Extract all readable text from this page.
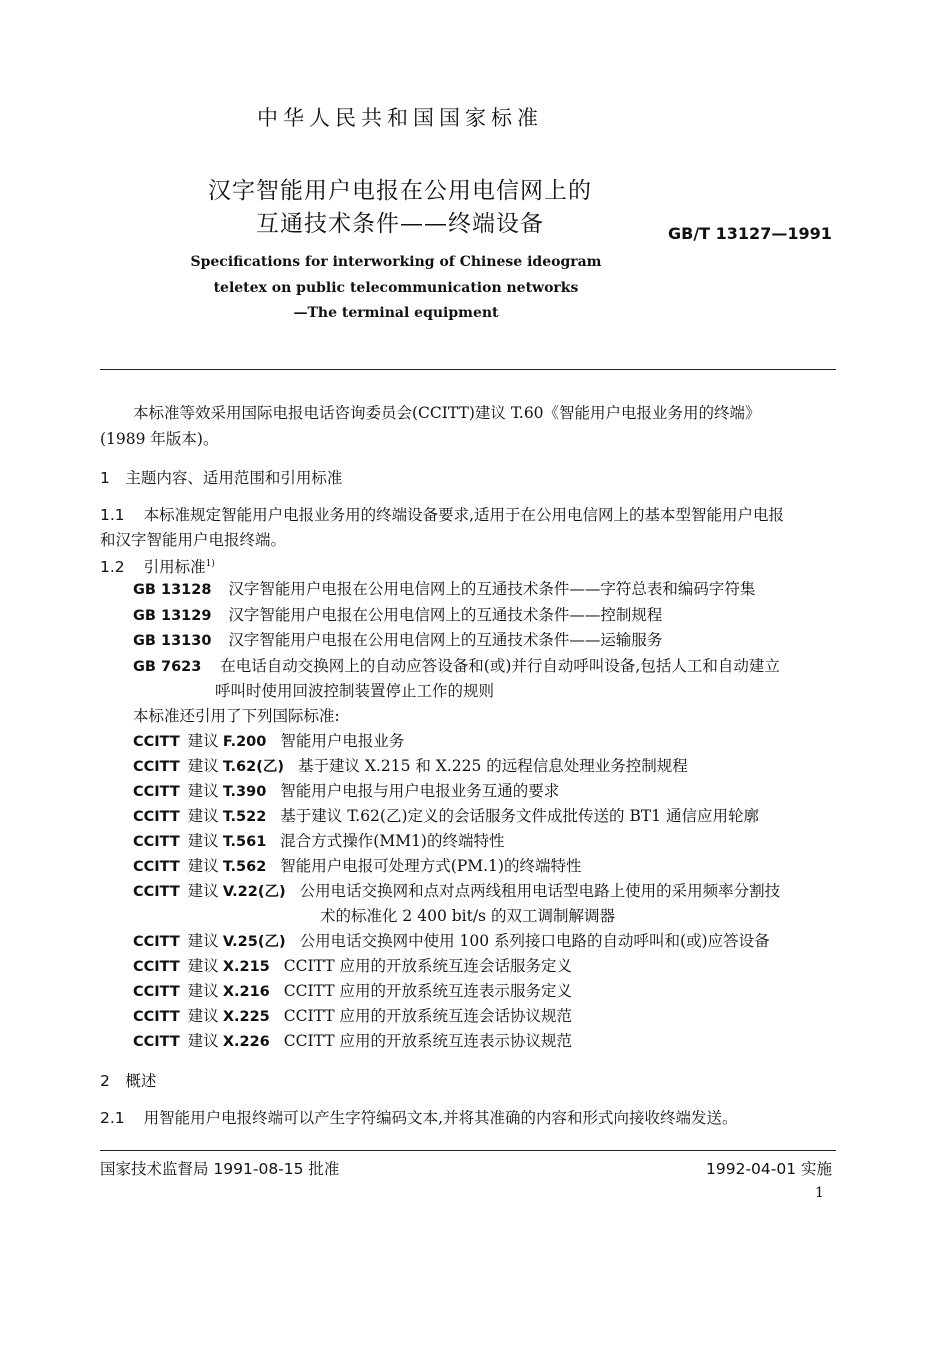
中华人民共和国国家标准
汉字智能用户电报在公用电信网上的
互通技术条件——终端设备	GB/T 13127—1991
Specifications for interworking of Chinese ideogram
teletex on public telecommunication networks
—The terminal equipment
本标准等效采用国际电报电话咨询委员会(CCITT)建议 T.60《智能用户电报业务用的终端》
(1989 年版本)。
1　主题内容、适用范围和引用标准
1.1 本标准规定智能用户电报业务用的终端设备要求,适用于在公用电信网上的基本型智能用户电报
和汉字智能用户电报终端。
1.2 引用标准$^{1)}$
GB 13128 汉字智能用户电报在公用电信网上的互通技术条件——字符总表和编码字符集
GB 13129 汉字智能用户电报在公用电信网上的互通技术条件——控制规程
GB 13130 汉字智能用户电报在公用电信网上的互通技术条件——运输服务
GB 7623 在电话自动交换网上的自动应答设备和(或)并行自动呼叫设备,包括人工和自动建立
呼叫时使用回波控制装置停止工作的规则
本标准还引用了下列国际标准:
CCITT 建议 F.200 智能用户电报业务
CCITT 建议 T.62(乙) 基于建议 X.215 和 X.225 的远程信息处理业务控制规程
CCITT 建议 T.390 智能用户电报与用户电报业务互通的要求
CCITT 建议 T.522 基于建议 T.62(乙)定义的会话服务文件成批传送的 BT1 通信应用轮廓
CCITT 建议 T.561 混合方式操作(MM1)的终端特性
CCITT 建议 T.562 智能用户电报可处理方式(PM.1)的终端特性
CCITT 建议 V.22(乙) 公用电话交换网和点对点两线租用电话型电路上使用的采用频率分割技
术的标准化 2 400 bit/s 的双工调制解调器
CCITT 建议 V.25(乙) 公用电话交换网中使用 100 系列接口电路的自动呼叫和(或)应答设备
CCITT 建议 X.215 CCITT 应用的开放系统互连会话服务定义
CCITT 建议 X.216 CCITT 应用的开放系统互连表示服务定义
CCITT 建议 X.225 CCITT 应用的开放系统互连会话协议规范
CCITT 建议 X.226 CCITT 应用的开放系统互连表示协议规范
2　概述
2.1 用智能用户电报终端可以产生字符编码文本,并将其准确的内容和形式向接收终端发送。
国家技术监督局 1991-08-15 批准	1992-04-01 实施
1
